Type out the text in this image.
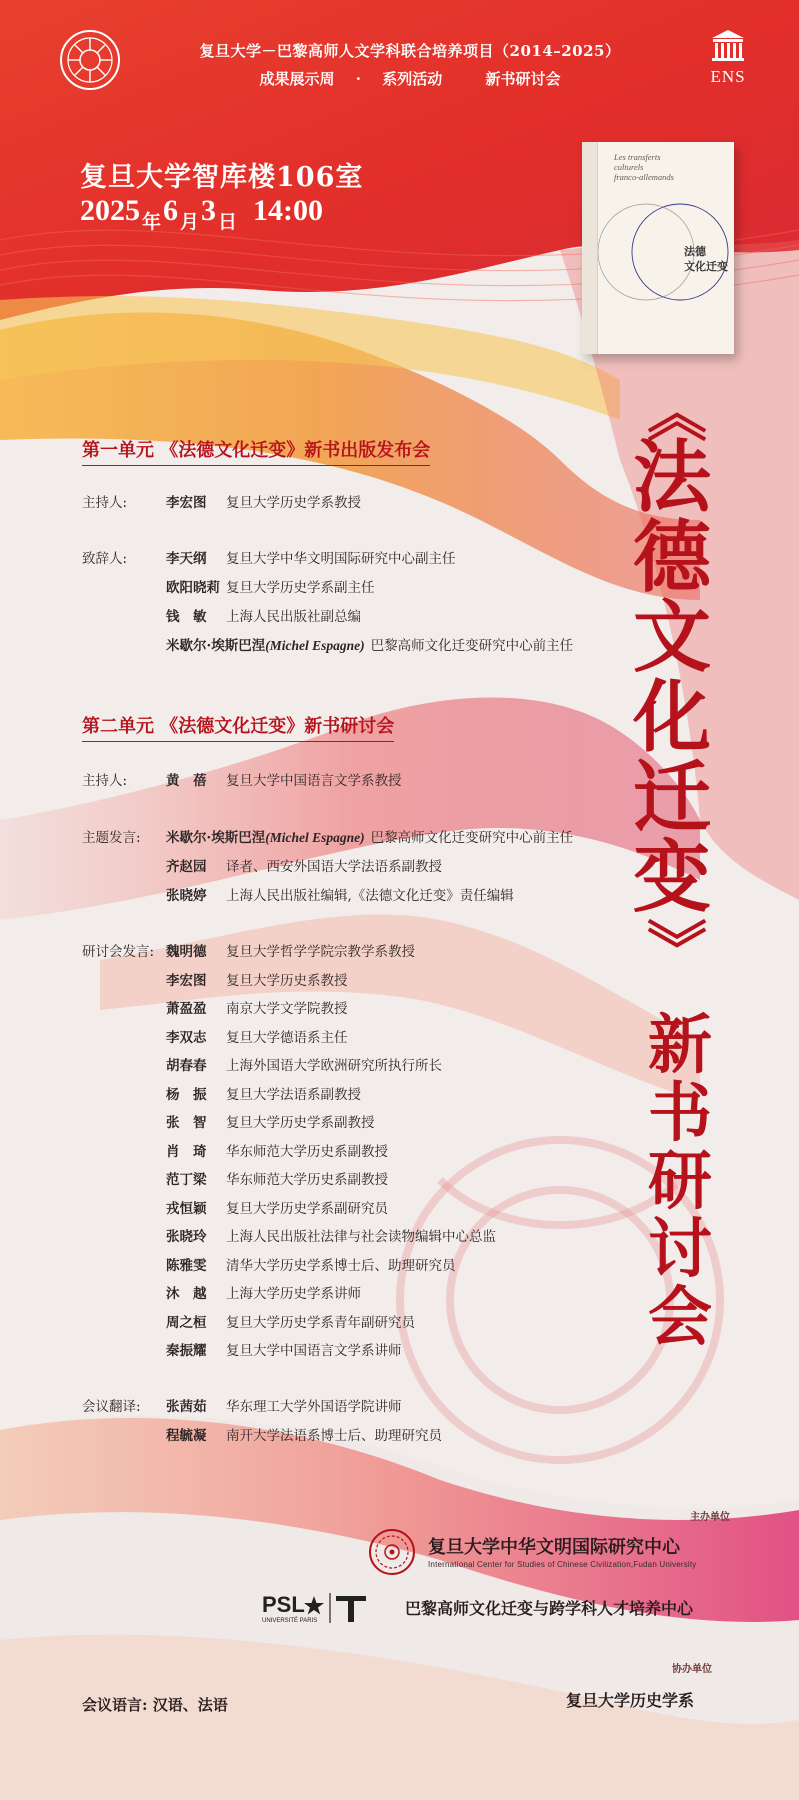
复旦大学－巴黎高师人文学科联合培养项目（2014–2025）
成果展示周 · 系列活动	新书研讨会	ENS
复旦大学智库楼106室
2025 $_年$6 $_月$3 $_日$ 14:00
Les transferts
culturels
franco-allemands
法德
文化迁变
《
法
德
文
化
迁
变
》
新
书
研
讨
会
第一单元 《法德文化迁变》新书出版发布会
主持人:	李宏图 复旦大学历史学系教授
致辞人:	李天纲 复旦大学中华文明国际研究中心副主任
欧阳晓莉 复旦大学历史学系副主任
钱　敏 上海人民出版社副总编
米歇尔·埃斯巴涅(Michel Espagne) 巴黎高师文化迁变研究中心前主任
第二单元 《法德文化迁变》新书研讨会
主持人:	黄　蓓 复旦大学中国语言文学系教授
主题发言: 米歇尔·埃斯巴涅(Michel Espagne) 巴黎高师文化迁变研究中心前主任
齐赵园 译者、西安外国语大学法语系副教授
张晓婷 上海人民出版社编辑,《法德文化迁变》责任编辑
研讨会发言: 魏明德 复旦大学哲学学院宗教学系教授
李宏图 复旦大学历史系教授
萧盈盈 南京大学文学院教授
李双志 复旦大学德语系主任
胡春春 上海外国语大学欧洲研究所执行所长
杨　振 复旦大学法语系副教授
张　智 复旦大学历史学系副教授
肖　琦 华东师范大学历史系副教授
范丁梁 华东师范大学历史系副教授
戎恒颖 复旦大学历史学系副研究员
张晓玲 上海人民出版社法律与社会读物编辑中心总监
陈雅雯 清华大学历史学系博士后、助理研究员
沐　越 上海大学历史学系讲师
周之桓 复旦大学历史学系青年副研究员
秦振耀 复旦大学中国语言文学系讲师
会议翻译: 张茜茹 华东理工大学外国语学院讲师
程毓凝 南开大学法语系博士后、助理研究员
主办单位
复旦大学中华文明国际研究中心
International Center for Studies of Chinese Civilization,Fudan University
PSL
UNIVERSITÉ PARIS
巴黎高师文化迁变与跨学科人才培养中心
协办单位
复旦大学历史学系
会议语言: 汉语、法语
